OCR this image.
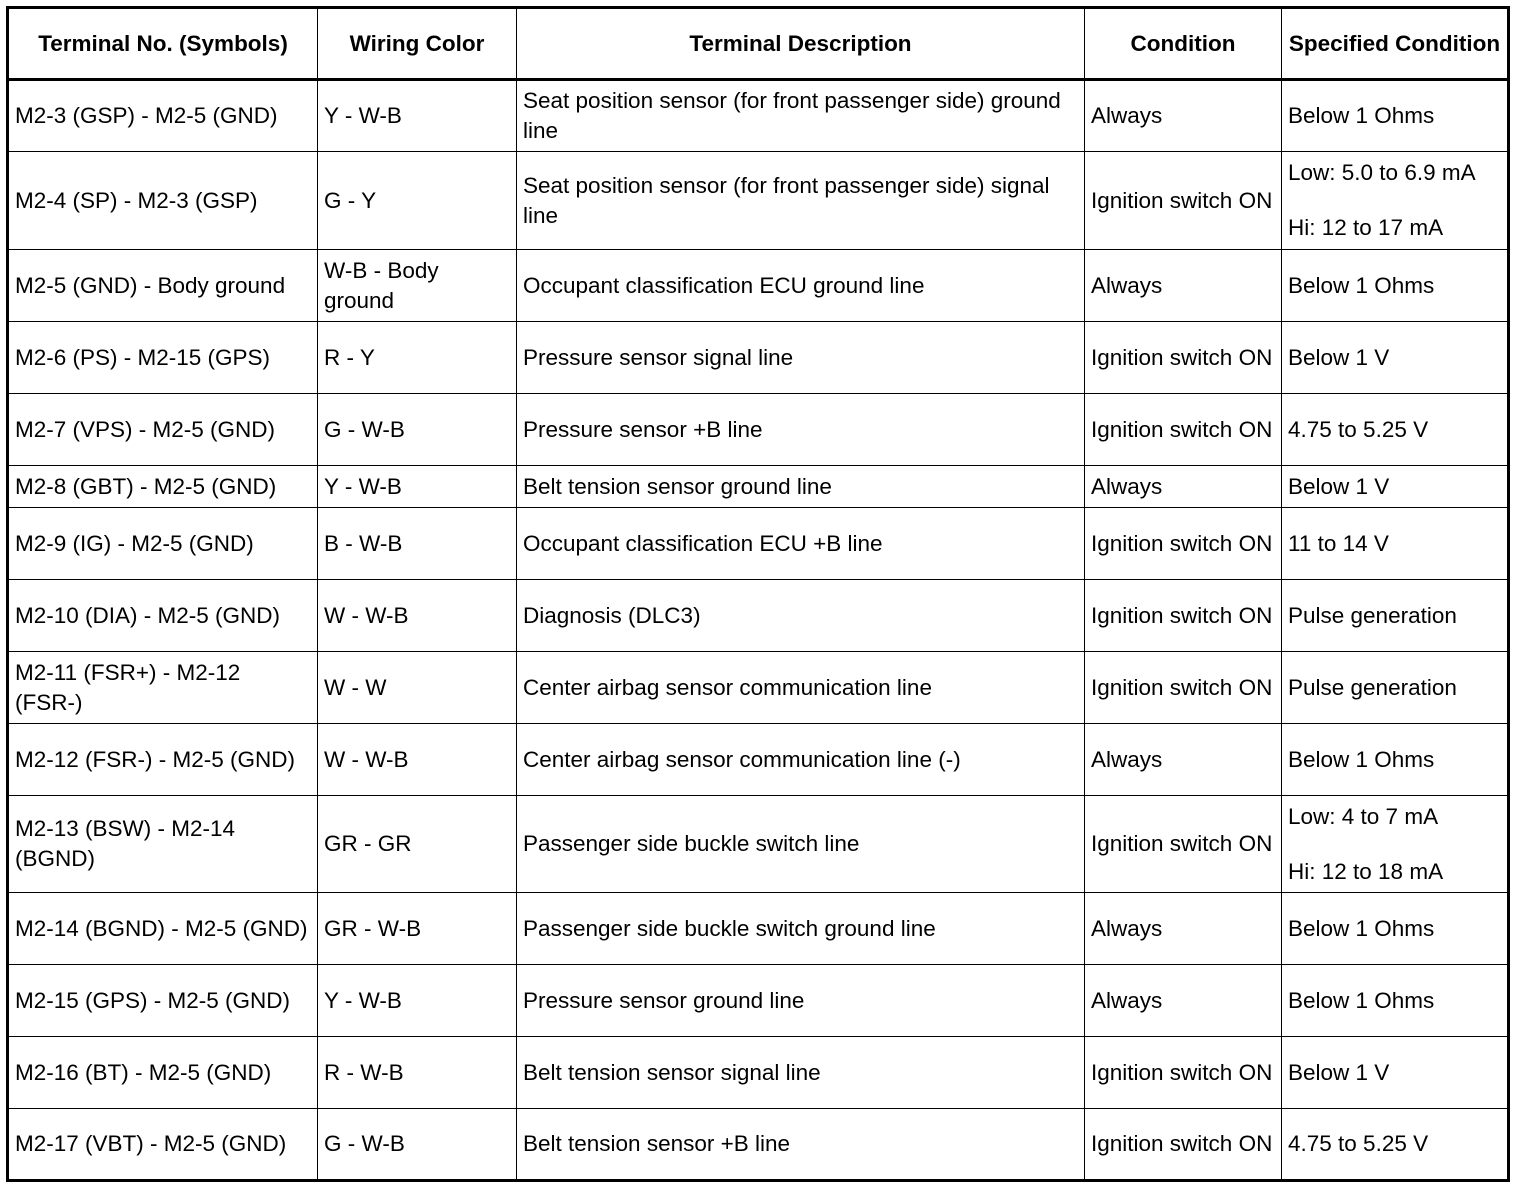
Terminal No. (Symbols)	Wiring Color	Terminal Description	Condition	Specified Condition
M2-3 (GSP) - M2-5 (GND)	Y - W-B	Seat position sensor (for front passenger side) ground line	Always	Below 1 Ohms

M2-4 (SP) - M2-3 (GSP)	G - Y	Seat position sensor (for front passenger side) signal line	Ignition switch ON	Low: 5.0 to 6.9 mA
Hi: 12 to 17 mA

M2-5 (GND) - Body ground	W-B - Body ground	Occupant classification ECU ground line	Always	Below 1 Ohms

M2-6 (PS) - M2-15 (GPS)	R - Y	Pressure sensor signal line	Ignition switch ON	Below 1 V

M2-7 (VPS) - M2-5 (GND)	G - W-B	Pressure sensor +B line	Ignition switch ON	4.75 to 5.25 V

M2-8 (GBT) - M2-5 (GND)	Y - W-B	Belt tension sensor ground line	Always	Below 1 V

M2-9 (IG) - M2-5 (GND)	B - W-B	Occupant classification ECU +B line	Ignition switch ON	11 to 14 V

M2-10 (DIA) - M2-5 (GND)	W - W-B	Diagnosis (DLC3)	Ignition switch ON	Pulse generation

M2-11 (FSR+) - M2-12 (FSR-)	W - W	Center airbag sensor communication line	Ignition switch ON	Pulse generation

M2-12 (FSR-) - M2-5 (GND)	W - W-B	Center airbag sensor communication line (-)	Always	Below 1 Ohms

M2-13 (BSW) - M2-14 (BGND)	GR - GR	Passenger side buckle switch line	Ignition switch ON	Low: 4 to 7 mA
Hi: 12 to 18 mA

M2-14 (BGND) - M2-5 (GND)	GR - W-B	Passenger side buckle switch ground line	Always	Below 1 Ohms

M2-15 (GPS) - M2-5 (GND)	Y - W-B	Pressure sensor ground line	Always	Below 1 Ohms

M2-16 (BT) - M2-5 (GND)	R - W-B	Belt tension sensor signal line	Ignition switch ON	Below 1 V

M2-17 (VBT) - M2-5 (GND)	G - W-B	Belt tension sensor +B line	Ignition switch ON	4.75 to 5.25 V
